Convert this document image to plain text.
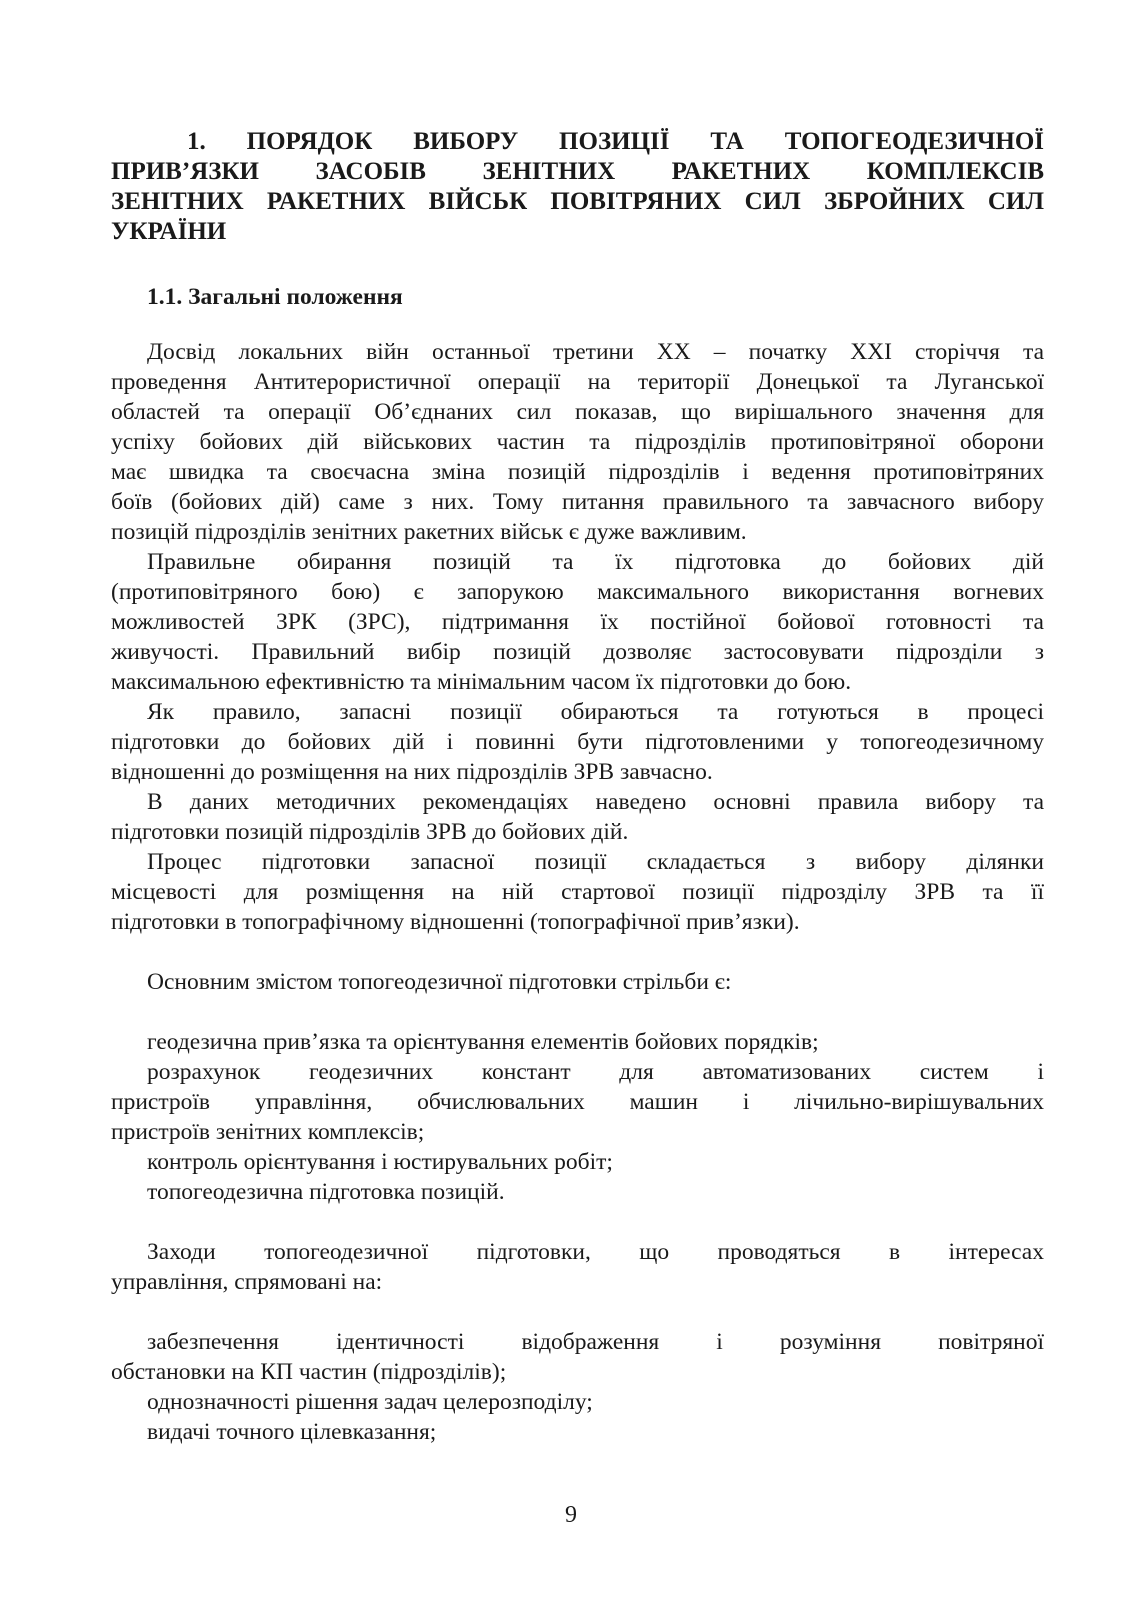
1. ПОРЯДОК ВИБОРУ ПОЗИЦІЇ ТА ТОПОГЕОДЕЗИЧНОЇ
ПРИВ’ЯЗКИ ЗАСОБІВ ЗЕНІТНИХ РАКЕТНИХ КОМПЛЕКСІВ
ЗЕНІТНИХ РАКЕТНИХ ВІЙСЬК ПОВІТРЯНИХ СИЛ ЗБРОЙНИХ СИЛ
УКРАЇНИ
1.1. Загальні положення

Досвід локальних війн останньої третини ХХ – початку ХХІ сторіччя та
проведення Антитерористичної операції на території Донецької та Луганської
областей та операції Об’єднаних сил показав, що вирішального значення для
успіху бойових дій військових частин та підрозділів протиповітряної оборони
має швидка та своєчасна зміна позицій підрозділів і ведення протиповітряних
боїв (бойових дій) саме з них. Тому питання правильного та завчасного вибору
позицій підрозділів зенітних ракетних військ є дуже важливим.

Правильне обирання позицій та їх підготовка до бойових дій
(протиповітряного бою) є запорукою максимального використання вогневих
можливостей ЗРК (ЗРС), підтримання їх постійної бойової готовності та
живучості. Правильний вибір позицій дозволяє застосовувати підрозділи з
максимальною ефективністю та мінімальним часом їх підготовки до бою.

Як правило, запасні позиції обираються та готуються в процесі
підготовки до бойових дій і повинні бути підготовленими у топогеодезичному
відношенні до розміщення на них підрозділів ЗРВ завчасно.

В даних методичних рекомендаціях наведено основні правила вибору та
підготовки позицій підрозділів ЗРВ до бойових дій.

Процес підготовки запасної позиції складається з вибору ділянки
місцевості для розміщення на ній стартової позиції підрозділу ЗРВ та її
підготовки в топографічному відношенні (топографічної прив’язки).

Основним змістом топогеодезичної підготовки стрільби є:

геодезична прив’язка та орієнтування елементів бойових порядків;

розрахунок геодезичних констант для автоматизованих систем і
пристроїв управління, обчислювальних машин і лічильно-вирішувальних
пристроїв зенітних комплексів;

контроль орієнтування і юстирувальних робіт;

топогеодезична підготовка позицій.

Заходи топогеодезичної підготовки, що проводяться в інтересах
управління, спрямовані на:

забезпечення ідентичності відображення і розуміння повітряної
обстановки на КП частин (підрозділів);

однозначності рішення задач целерозподілу;

видачі точного цілевказання;

9
